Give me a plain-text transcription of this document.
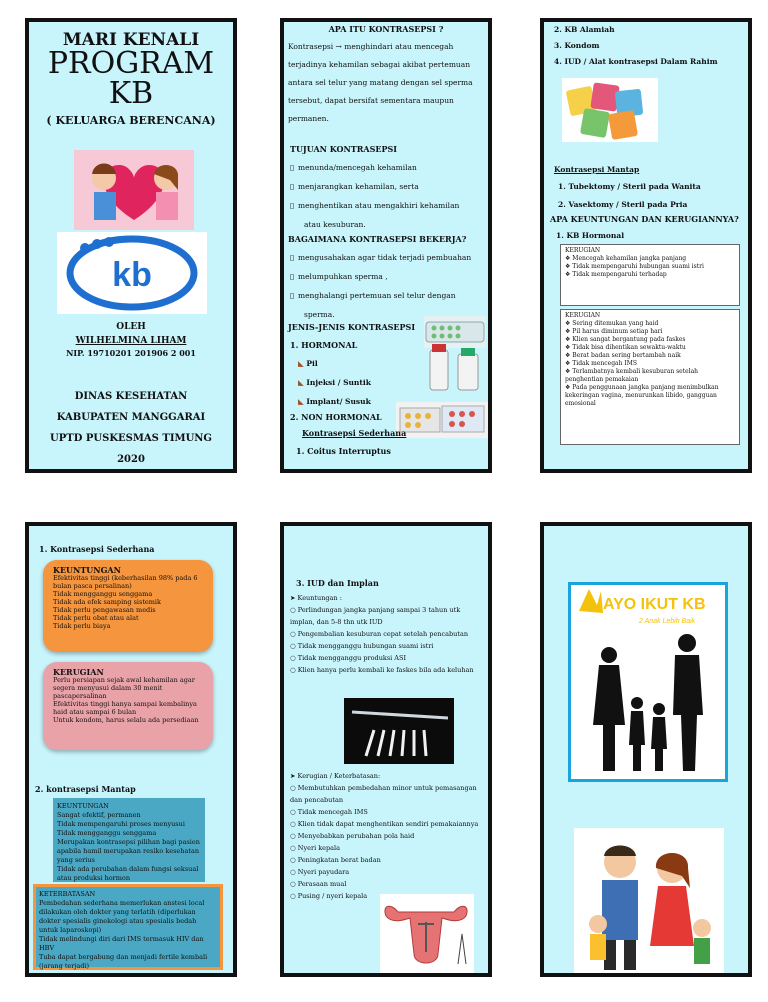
MARI KENALI
PROGRAM
KB
( KELUARGA BERENCANA)
kb
OLEH
WILHELMINA LIHAM
NIP. 19710201 201906 2 001
DINAS KESEHATAN
KABUPATEN MANGGARAI
UPTD PUSKESMAS TIMUNG
2020
APA ITU KONTRASEPSI ?
Kontrasepsi → menghindari atau mencegah
terjadinya kehamilan sebagai akibat pertemuan
antara sel telur yang matang dengan sel sperma
tersebut, dapat bersifat sementara maupun
permanen.
TUJUAN KONTRASEPSI
▯ menunda/mencegah kehamilan
▯ menjarangkan kehamilan, serta
▯ menghentikan atau mengakhiri kehamilan
atau kesuburan.
BAGAIMANA KONTRASEPSI BEKERJA?
▯ mengusahakan agar tidak terjadi pembuahan
▯ melumpuhkan sperma ,
▯ menghalangi pertemuan sel telur dengan
sperma.
JENIS-JENIS KONTRASEPSI
1. HORMONAL
◣ Pil
◣ Injeksi / Suntik
◣ Implant/ Susuk
2. NON HORMONAL
Kontrasepsi Sederhana
1. Coitus Interruptus
2. KB Alamiah
3. Kondom
4. IUD / Alat kontrasepsi Dalam Rahim
Kontrasepsi Mantap
1. Tubektomy / Steril pada Wanita
2. Vasektomy / Steril pada Pria
APA KEUNTUNGAN DAN KERUGIANNYA?
1. KB Hormonal
KERUGIAN
❖ Mencegah kehamilan jangka panjang
❖ Tidak mempengaruhi hubungan suami istri
❖ Tidak mempengaruhi terhadap
KERUGIAN
❖ Sering ditemukan yang haid
❖ Pil harus diminum setiap hari
❖ Klien sangat bergantung pada faskes
❖ Tidak bisa dihentikan sewaktu-waktu
❖ Berat badan sering bertambah naik
❖ Tidak mencegah IMS
❖ Terlambatnya kembali kesuburan setelah penghentian pemakaian
❖ Pada penggunaan jangka panjang menimbulkan kekeringan vagina, menurunkan libido, gangguan emosional
1. Kontrasepsi Sederhana
KEUNTUNGAN
Efektivitas tinggi (keberhasilan 98% pada 6 bulan pasca persalinan)
Tidak mengganggu senggama
Tidak ada efek samping sistemik
Tidak perlu pengawasan medis
Tidak perlu obat atau alat
Tidak perlu biaya
KERUGIAN
Perlu persiapan sejak awal kehamilan agar segera menyusui dalam 30 menit pascapersalinan
Efektivitas tinggi hanya sampai kembalinya haid atau sampai 6 bulan
Untuk kondom, harus selalu ada persediaan
2. kontrasepsi Mantap
KEUNTUNGAN
Sangat efektif, permanen
Tidak mempengaruhi proses menyusui
Tidak mengganggu senggama
Merupakan kontrasepsi pilihan bagi pasien apabila hamil merupakan resiko kesehatan yang serius
Tidak ada perubahan dalam fungsi seksual atau produksi hormon
KETERBATASAN
Pembedahan sederhana memerlukan anstesi local dilakukan oleh dokter yang terlatih (diperlukan dokter spesialis ginekologi atau spesialis bedah untuk laparoskopi)
Tidak melindungi diri dari IMS termasuk HIV dan HBV
Tuba dapat bergabung dan menjadi fertile kembali (jarang terjadi)
3. IUD dan Implan
➤ Keuntungan :
○ Perlindungan jangka panjang sampai 3 tahun utk implan, dan 5-8 thn utk IUD
○ Pengembalian kesuburan cepat setelah pencabutan
○ Tidak mengganggu hubungan suami istri
○ Tidak mengganggu produksi ASI
○ Klien hanya perlu kembali ke faskes bila ada keluhan
➤ Kerugian / Keterbatasan:
○ Membutuhkan pembedahan minor untuk pemasangan dan pencabutan
○ Tidak mencegah IMS
○ Klien tidak dapat menghentikan sendiri pemakaiannya
○ Menyebabkan perubahan pola haid
○ Nyeri kepala
○ Peningkatan berat badan
○ Nyeri payudara
○ Perasaan mual
○ Pusing / nyeri kepala
AYO IKUT KB
2 Anak Lebih Baik
